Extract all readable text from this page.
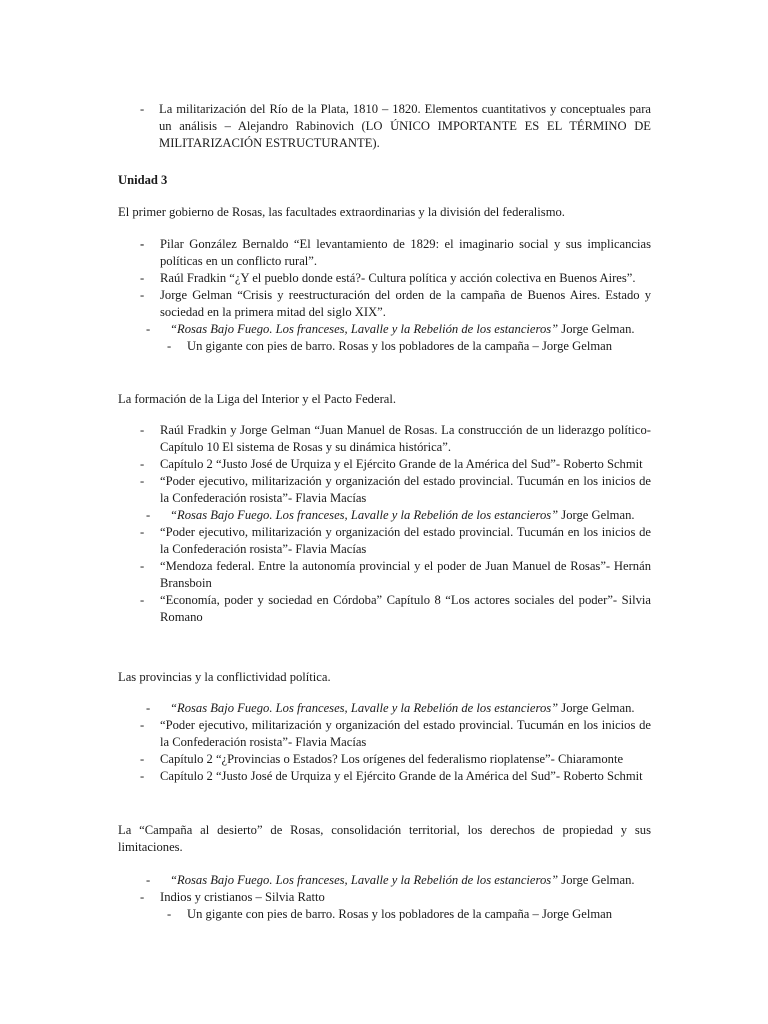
- La militarización del Río de la Plata, 1810 – 1820. Elementos cuantitativos y conceptuales para un análisis – Alejandro Rabinovich (LO ÚNICO IMPORTANTE ES EL TÉRMINO DE MILITARIZACIÓN ESTRUCTURANTE).

Unidad 3

El primer gobierno de Rosas, las facultades extraordinarias y la división del federalismo.

- Pilar González Bernaldo “El levantamiento de 1829: el imaginario social y sus implicancias políticas en un conflicto rural”.
- Raúl Fradkin “¿Y el pueblo donde está?- Cultura política y acción colectiva en Buenos Aires”.
- Jorge Gelman “Crisis y reestructuración del orden de la campaña de Buenos Aires. Estado y sociedad en la primera mitad del siglo XIX”.
- “Rosas Bajo Fuego. Los franceses, Lavalle y la Rebelión de los estancieros” Jorge Gelman.
- Un gigante con pies de barro. Rosas y los pobladores de la campaña – Jorge Gelman

La formación de la Liga del Interior y el Pacto Federal.

- Raúl Fradkin y Jorge Gelman “Juan Manuel de Rosas. La construcción de un liderazgo político- Capítulo 10 El sistema de Rosas y su dinámica histórica”.
- Capítulo 2 “Justo José de Urquiza y el Ejército Grande de la América del Sud”- Roberto Schmit
- “Poder ejecutivo, militarización y organización del estado provincial. Tucumán en los inicios de la Confederación rosista”- Flavia Macías
- “Rosas Bajo Fuego. Los franceses, Lavalle y la Rebelión de los estancieros” Jorge Gelman.
- “Poder ejecutivo, militarización y organización del estado provincial. Tucumán en los inicios de la Confederación rosista”- Flavia Macías
- “Mendoza federal. Entre la autonomía provincial y el poder de Juan Manuel de Rosas”- Hernán Bransboin
- “Economía, poder y sociedad en Córdoba” Capítulo 8 “Los actores sociales del poder”- Silvia Romano

Las provincias y la conflictividad política.

- “Rosas Bajo Fuego. Los franceses, Lavalle y la Rebelión de los estancieros” Jorge Gelman.
- “Poder ejecutivo, militarización y organización del estado provincial. Tucumán en los inicios de la Confederación rosista”- Flavia Macías
- Capítulo 2 “¿Provincias o Estados? Los orígenes del federalismo rioplatense”- Chiaramonte
- Capítulo 2 “Justo José de Urquiza y el Ejército Grande de la América del Sud”- Roberto Schmit

La “Campaña al desierto” de Rosas, consolidación territorial, los derechos de propiedad y sus limitaciones.

- “Rosas Bajo Fuego. Los franceses, Lavalle y la Rebelión de los estancieros” Jorge Gelman.
- Indios y cristianos – Silvia Ratto
- Un gigante con pies de barro. Rosas y los pobladores de la campaña – Jorge Gelman
